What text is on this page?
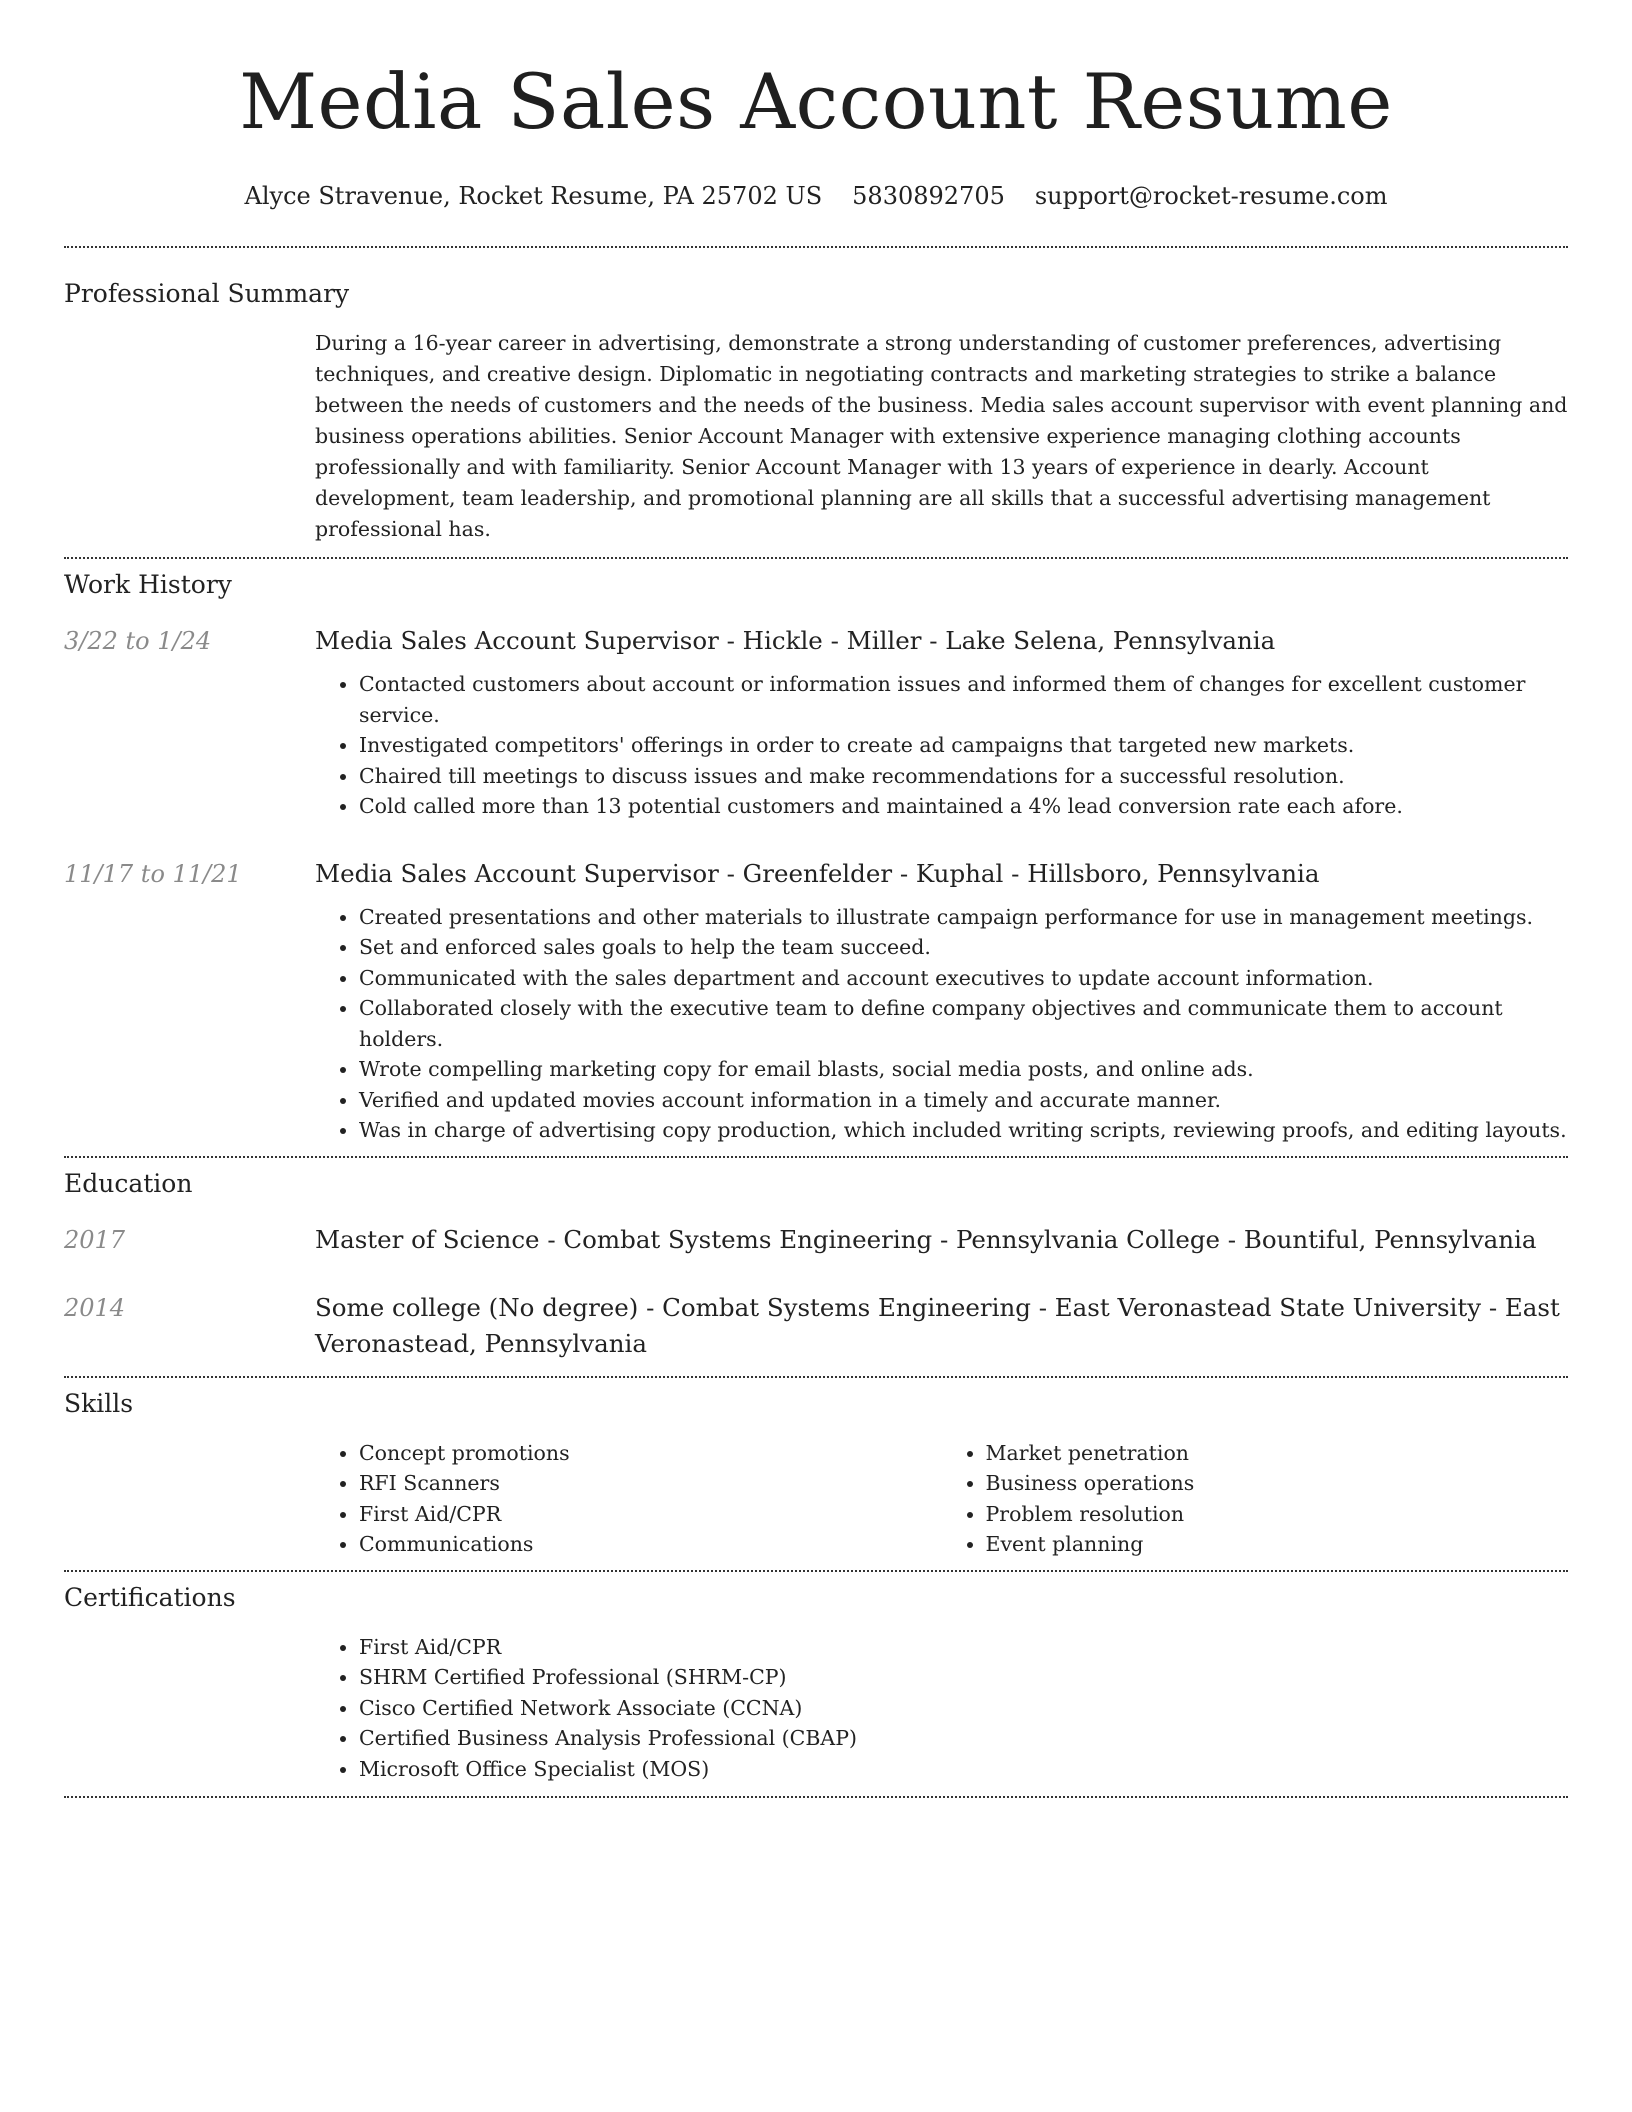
Media Sales Account Resume
Alyce Stravenue, Rocket Resume, PA 25702 US 5830892705 support@rocket-resume.com
Professional Summary

During a 16-year career in advertising, demonstrate a strong understanding of customer preferences, advertising techniques, and creative design. Diplomatic in negotiating contracts and marketing strategies to strike a balance between the needs of customers and the needs of the business. Media sales account supervisor with event planning and business operations abilities. Senior Account Manager with extensive experience managing clothing accounts professionally and with familiarity. Senior Account Manager with 13 years of experience in dearly. Account development, team leadership, and promotional planning are all skills that a successful advertising management professional has.

Work History
3/22 to 1/24	Media Sales Account Supervisor - Hickle - Miller - Lake Selena, Pennsylvania
• Contacted customers about account or information issues and informed them of changes for excellent customer service.
• Investigated competitors' offerings in order to create ad campaigns that targeted new markets.
• Chaired till meetings to discuss issues and make recommendations for a successful resolution.
• Cold called more than 13 potential customers and maintained a 4% lead conversion rate each afore.
11/17 to 11/21	Media Sales Account Supervisor - Greenfelder - Kuphal - Hillsboro, Pennsylvania
• Created presentations and other materials to illustrate campaign performance for use in management meetings.
• Set and enforced sales goals to help the team succeed.
• Communicated with the sales department and account executives to update account information.
• Collaborated closely with the executive team to define company objectives and communicate them to account holders.
• Wrote compelling marketing copy for email blasts, social media posts, and online ads.
• Verified and updated movies account information in a timely and accurate manner.
• Was in charge of advertising copy production, which included writing scripts, reviewing proofs, and editing layouts.
Education
2017	Master of Science - Combat Systems Engineering - Pennsylvania College - Bountiful, Pennsylvania
2014	Some college (No degree) - Combat Systems Engineering - East Veronastead State University - East Veronastead, Pennsylvania
Skills
• Concept promotions
• RFI Scanners
• First Aid/CPR
• Communications
• Market penetration
• Business operations
• Problem resolution
• Event planning
Certifications
• First Aid/CPR
• SHRM Certified Professional (SHRM-CP)
• Cisco Certified Network Associate (CCNA)
• Certified Business Analysis Professional (CBAP)
• Microsoft Office Specialist (MOS)
